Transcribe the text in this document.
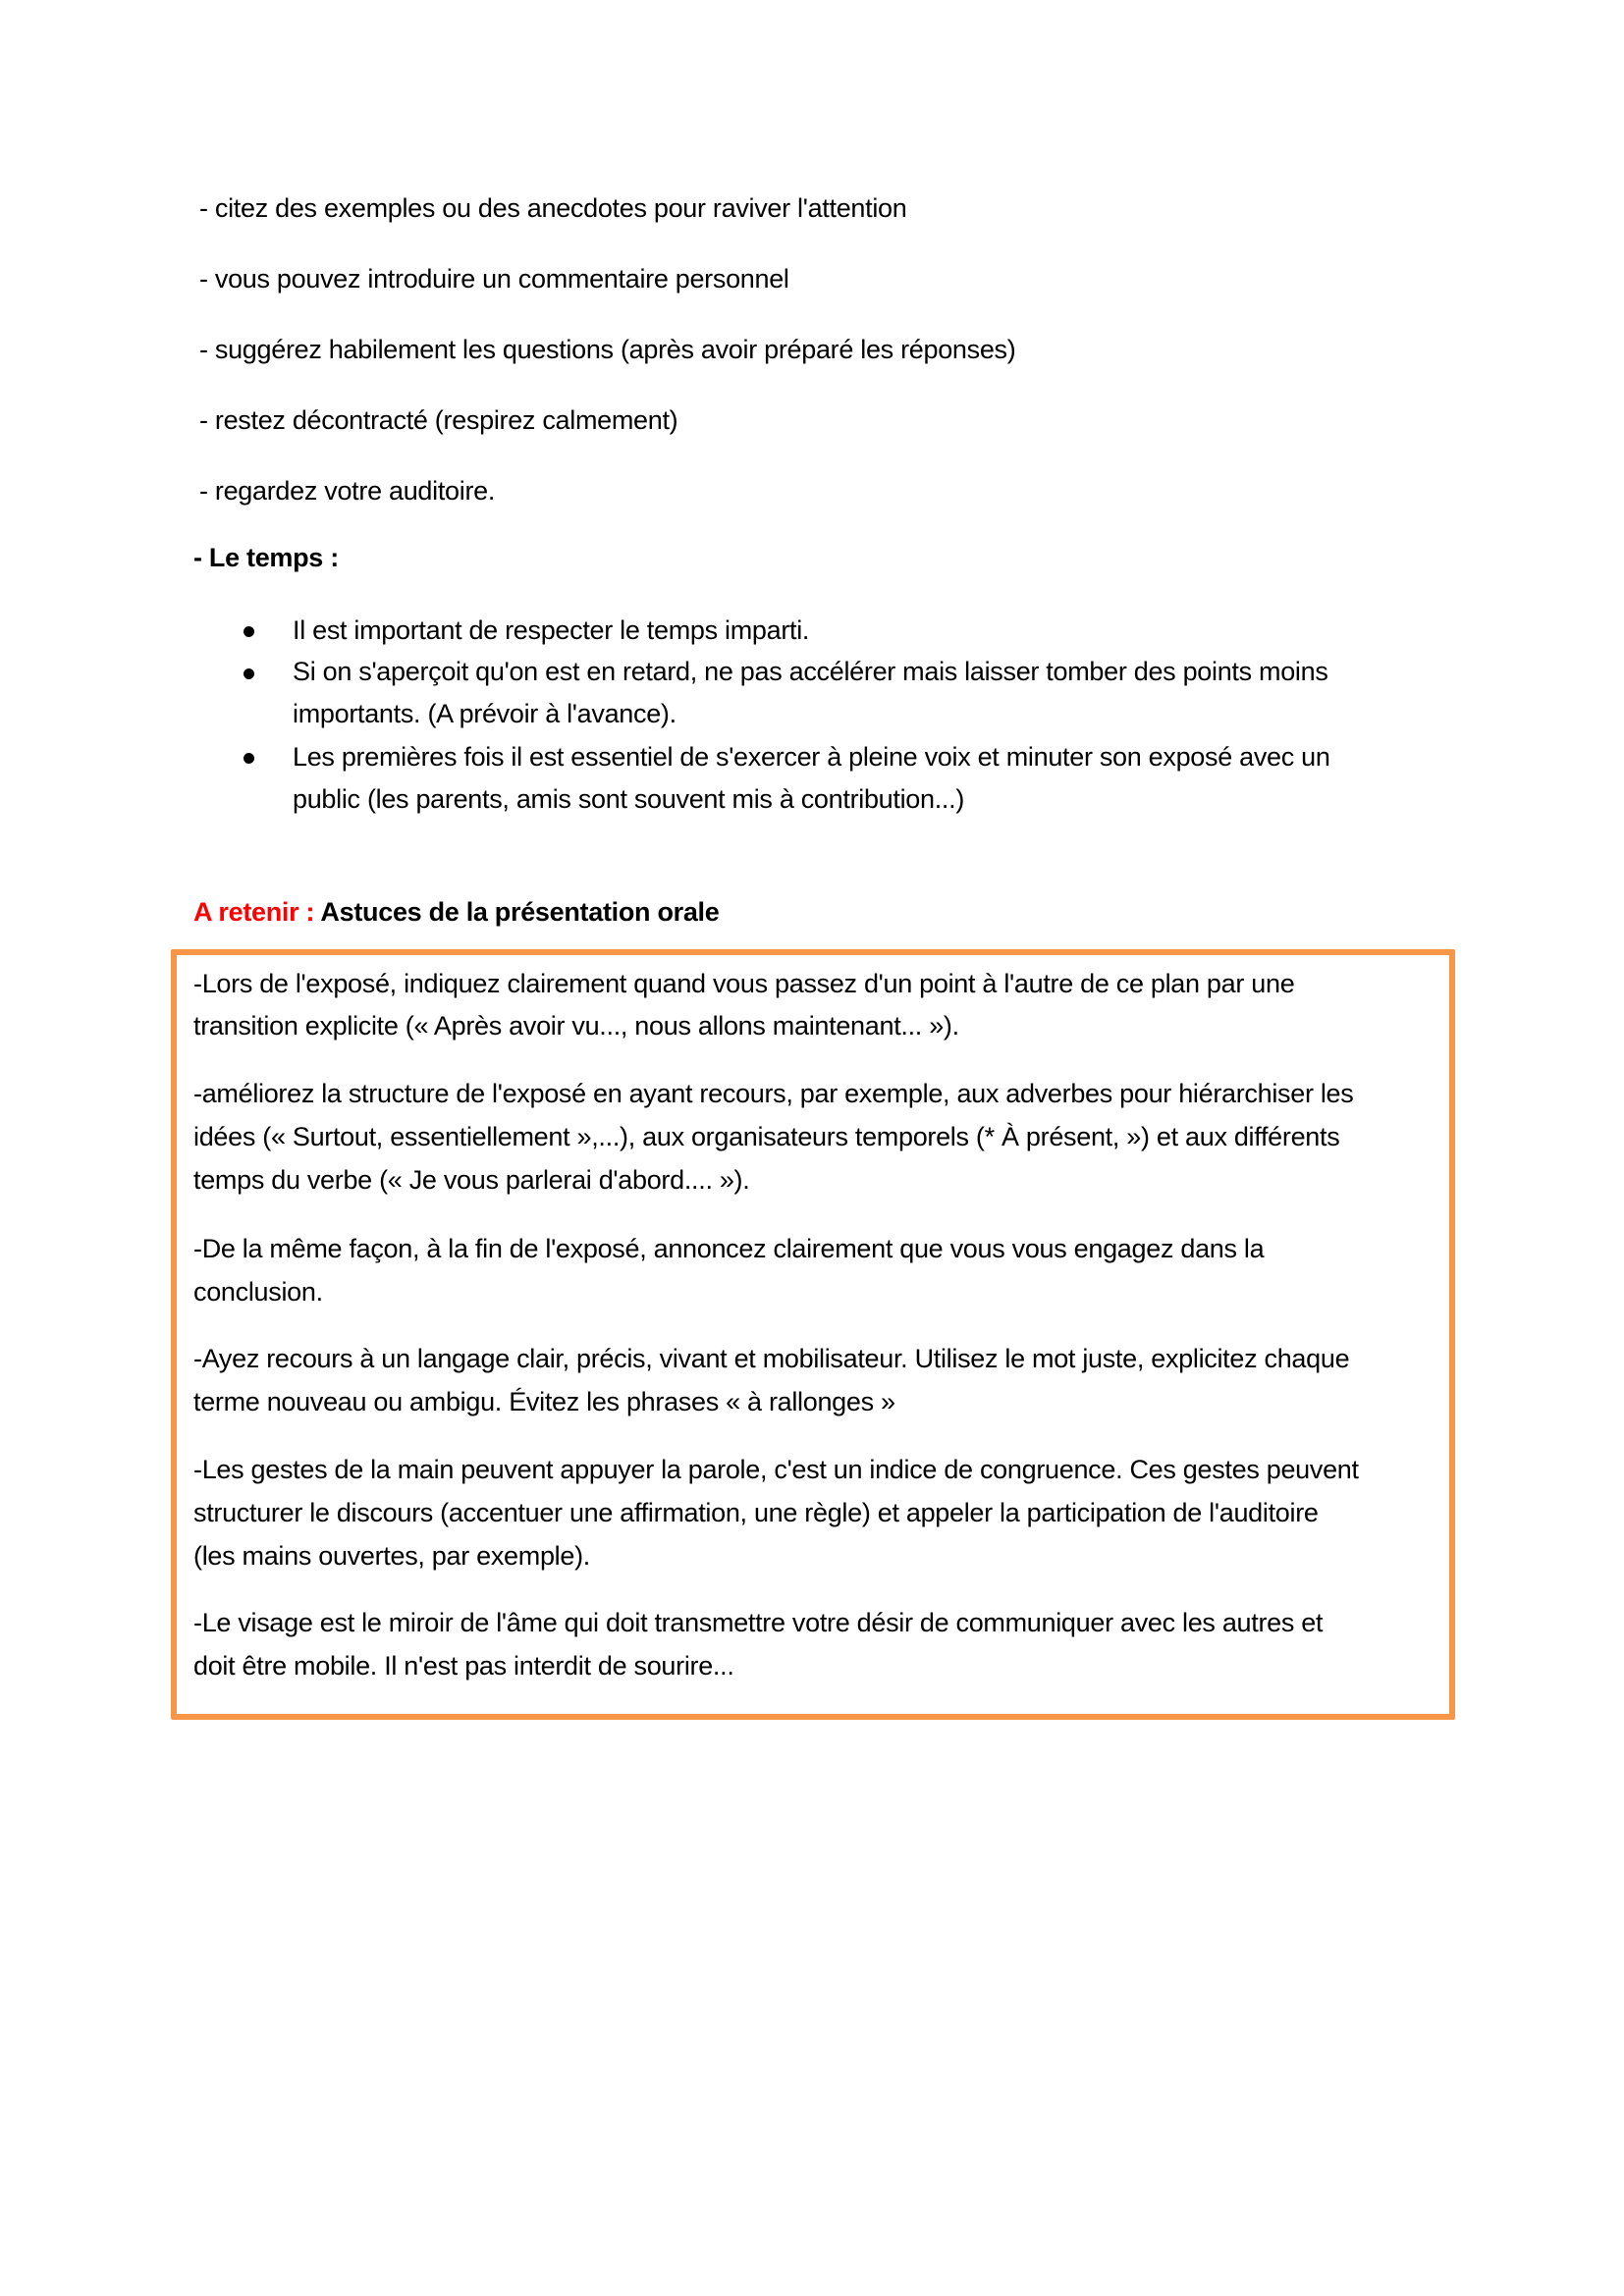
- citez des exemples ou des anecdotes pour raviver l'attention
- vous pouvez introduire un commentaire personnel
- suggérez habilement les questions (après avoir préparé les réponses)
- restez décontracté (respirez calmement)
- regardez votre auditoire.
- Le temps :
Il est important de respecter le temps imparti.
Si on s'aperçoit qu'on est en retard, ne pas accélérer mais laisser tomber des points moins
importants. (A prévoir à l'avance).
Les premières fois il est essentiel de s'exercer à pleine voix et minuter son exposé avec un
public (les parents, amis sont souvent mis à contribution...)
A retenir : Astuces de la présentation orale
-Lors de l'exposé, indiquez clairement quand vous passez d'un point à l'autre de ce plan par une
transition explicite (« Après avoir vu..., nous allons maintenant... »).
-améliorez la structure de l'exposé en ayant recours, par exemple, aux adverbes pour hiérarchiser les
idées (« Surtout, essentiellement »,...), aux organisateurs temporels (* À présent, ») et aux différents
temps du verbe (« Je vous parlerai d'abord.... »).
-De la même façon, à la fin de l'exposé, annoncez clairement que vous vous engagez dans la
conclusion.
-Ayez recours à un langage clair, précis, vivant et mobilisateur. Utilisez le mot juste, explicitez chaque
terme nouveau ou ambigu. Évitez les phrases « à rallonges »
-Les gestes de la main peuvent appuyer la parole, c'est un indice de congruence. Ces gestes peuvent
structurer le discours (accentuer une affirmation, une règle) et appeler la participation de l'auditoire
(les mains ouvertes, par exemple).
-Le visage est le miroir de l'âme qui doit transmettre votre désir de communiquer avec les autres et
doit être mobile. Il n'est pas interdit de sourire...
